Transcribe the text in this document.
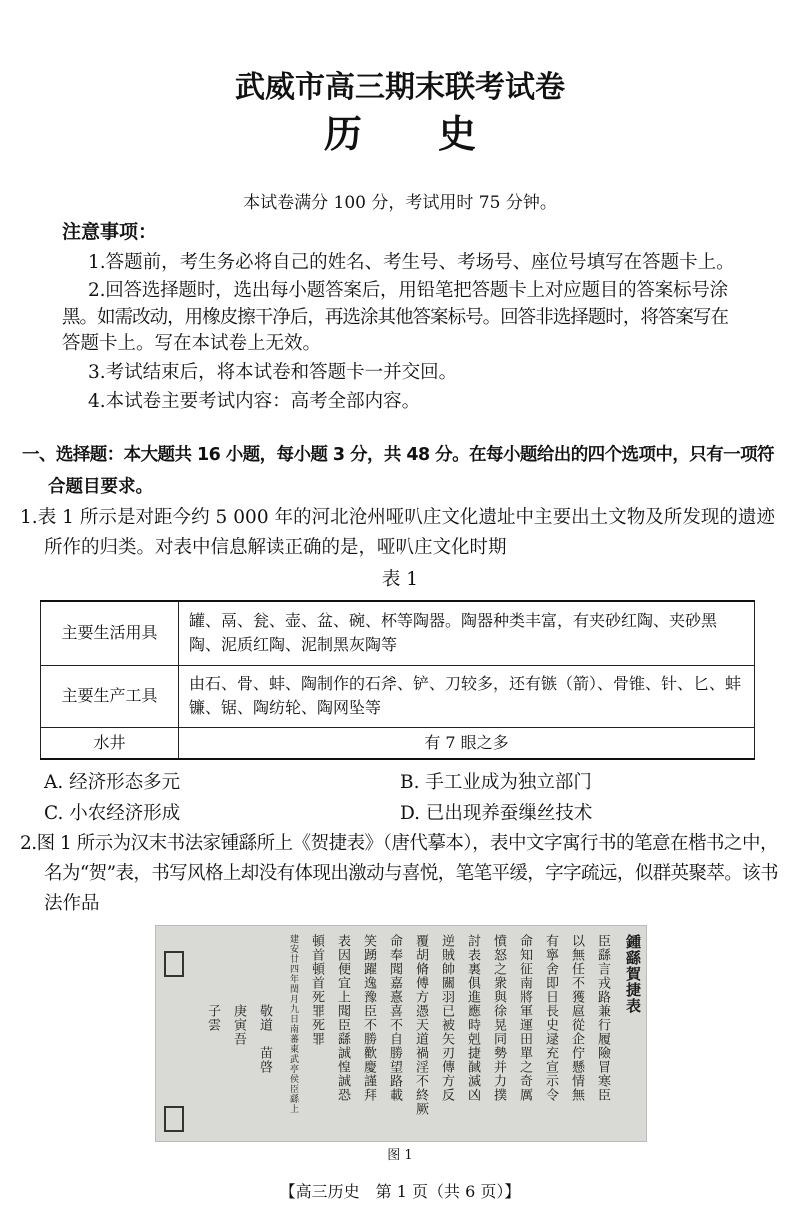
武威市高三期末联考试卷
历　　史
本试卷满分 100 分，考试用时 75 分钟。
注意事项：
1.答题前，考生务必将自己的姓名、考生号、考场号、座位号填写在答题卡上。
2.回答选择题时，选出每小题答案后，用铅笔把答题卡上对应题目的答案标号涂
黑。如需改动，用橡皮擦干净后，再选涂其他答案标号。回答非选择题时，将答案写在
答题卡上。写在本试卷上无效。
3.考试结束后，将本试卷和答题卡一并交回。
4.本试卷主要考试内容：高考全部内容。
一、选择题：本大题共 16 小题，每小题 3 分，共 48 分。在每小题给出的四个选项中，只有一项符
合题目要求。
1.表 1 所示是对距今约 5 000 年的河北沧州哑叭庄文化遗址中主要出土文物及所发现的遗迹
所作的归类。对表中信息解读正确的是，哑叭庄文化时期
表 1
主要生活用具	罐、鬲、瓮、壶、盆、碗、杯等陶器。陶器种类丰富，有夹砂红陶、夹砂黑陶、泥质红陶、泥制黑灰陶等
主要生产工具	由石、骨、蚌、陶制作的石斧、铲、刀较多，还有镞（箭）、骨锥、针、匕、蚌镰、锯、陶纺轮、陶网坠等
水井	有 7 眼之多
A. 经济形态多元	B. 手工业成为独立部门
C. 小农经济形成	D. 已出现养蚕缫丝技术
2.图 1 所示为汉末书法家锺繇所上《贺捷表》（唐代摹本），表中文字寓行书的笔意在楷书之中，
名为“贺”表，书写风格上却没有体现出激动与喜悦，笔笔平缓，字字疏远，似群英聚萃。该书
法作品
鍾繇賀捷表
臣繇言戎路兼行履險冒寒臣
以無任不獲扈從企佇懸情無
有寧舍即日長史逯充宣示令
命知征南將軍運田單之奇厲
憤怒之衆與徐晃同勢并力撲
討表裏俱進應時剋捷馘滅凶
逆賊帥關羽已被矢刃傳方反
覆胡脩傅方憑天道禍淫不終厥
命奉聞嘉憙喜不自勝望路載
笑踴躍逸豫臣不勝歡慶謹拜
表因便宜上聞臣繇誠惶誠恐
頓首頓首死罪死罪
建安廿四年閏月九日南蕃東武亭侯臣繇上
　　　　　敬道　苗啓
　　　　　庚寅吾
　　　　　子雲
图 1
【高三历史　第 1 页（共 6 页）】
